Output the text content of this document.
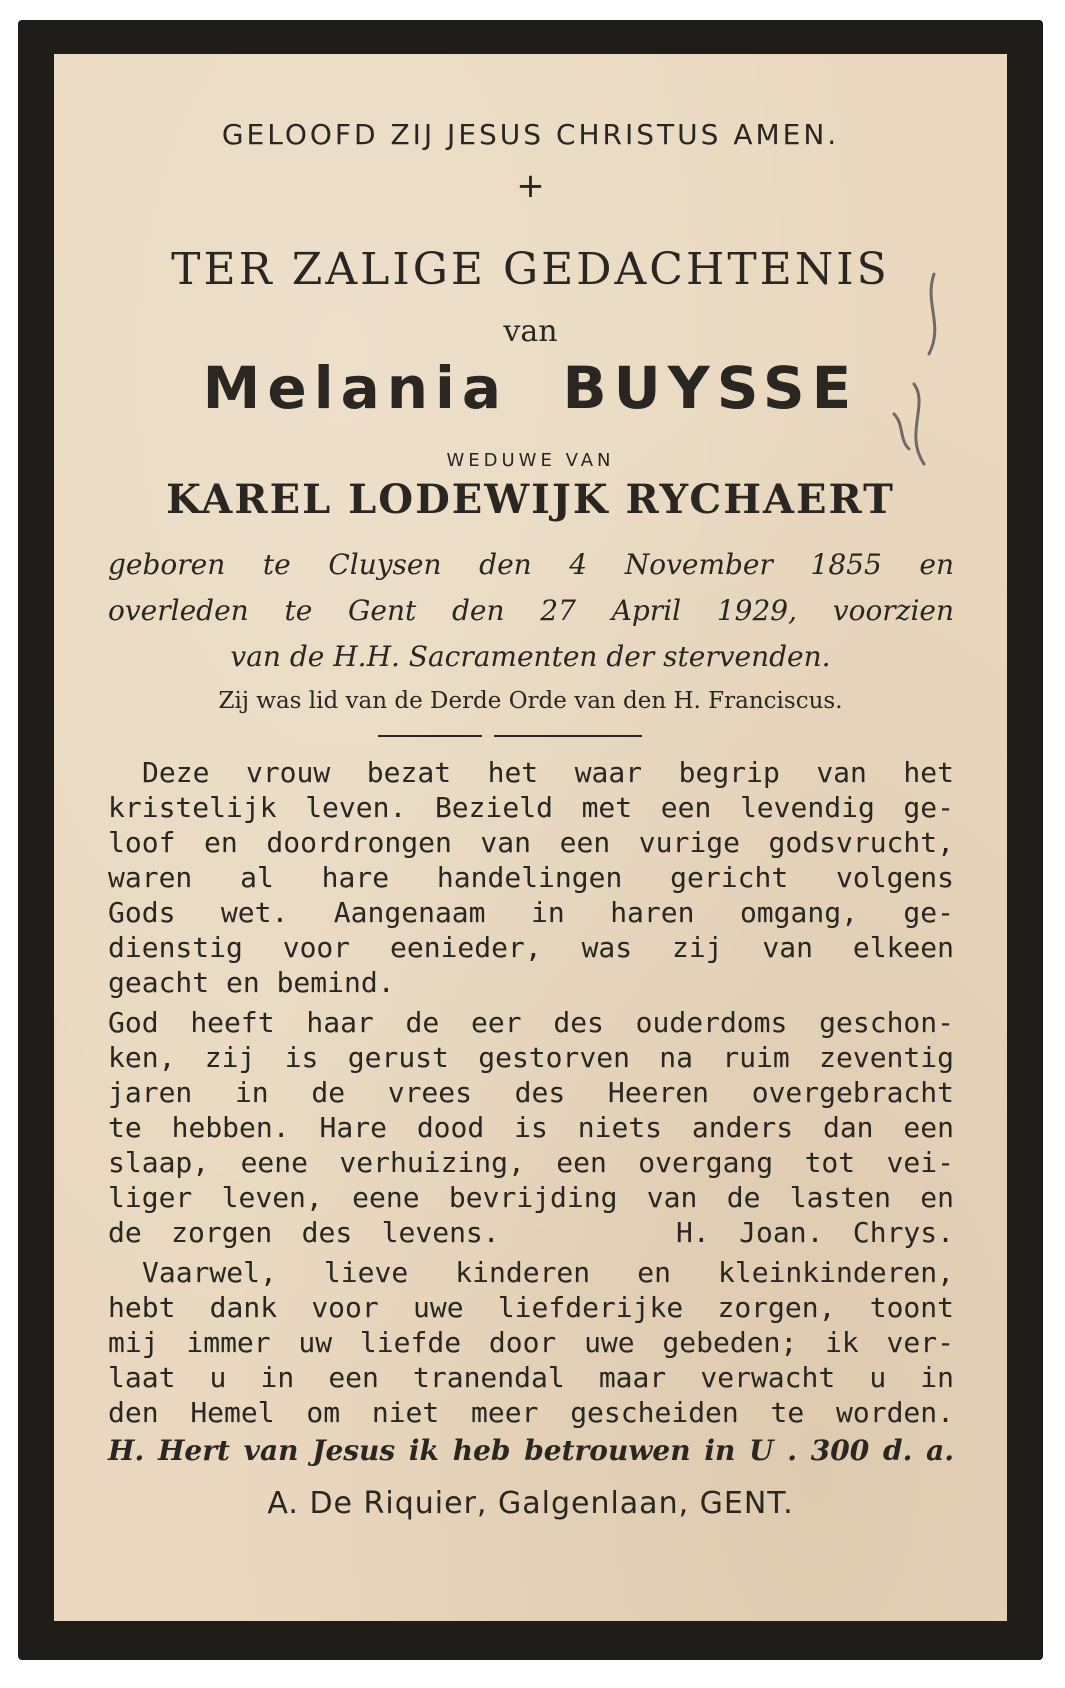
GELOOFD ZIJ JESUS CHRISTUS AMEN.
+
TER ZALIGE GEDACHTENIS
van
Melania  BUYSSE
WEDUWE VAN
KAREL LODEWIJK RYCHAERT
geboren te Cluysen den 4 November 1855 en
overleden te Gent den 27 April 1929, voorzien
van de H.H. Sacramenten der stervenden.
Zij was lid van de Derde Orde van den H. Franciscus.
Deze vrouw bezat het waar begrip van het
kristelijk leven. Bezield met een levendig ge-
loof en doordrongen van een vurige godsvrucht,
waren al hare handelingen gericht volgens
Gods wet. Aangenaam in haren omgang, ge-
dienstig voor eenieder, was zij van elkeen
geacht en bemind.
God heeft haar de eer des ouderdoms geschon-
ken, zij is gerust gestorven na ruim zeventig
jaren in de vrees des Heeren overgebracht
te hebben. Hare dood is niets anders dan een
slaap, eene verhuizing, een overgang tot vei-
liger leven, eene bevrijding van de lasten en
de zorgen des levens.      H. Joan. Chrys.
Vaarwel, lieve kinderen en kleinkinderen,
hebt dank voor uwe liefderijke zorgen, toont
mij immer uw liefde door uwe gebeden; ik ver-
laat u in een tranendal maar verwacht u in
den Hemel om niet meer gescheiden te worden.
H. Hert van Jesus ik heb betrouwen in U . 300 d. a.
A. De Riquier, Galgenlaan, GENT.
